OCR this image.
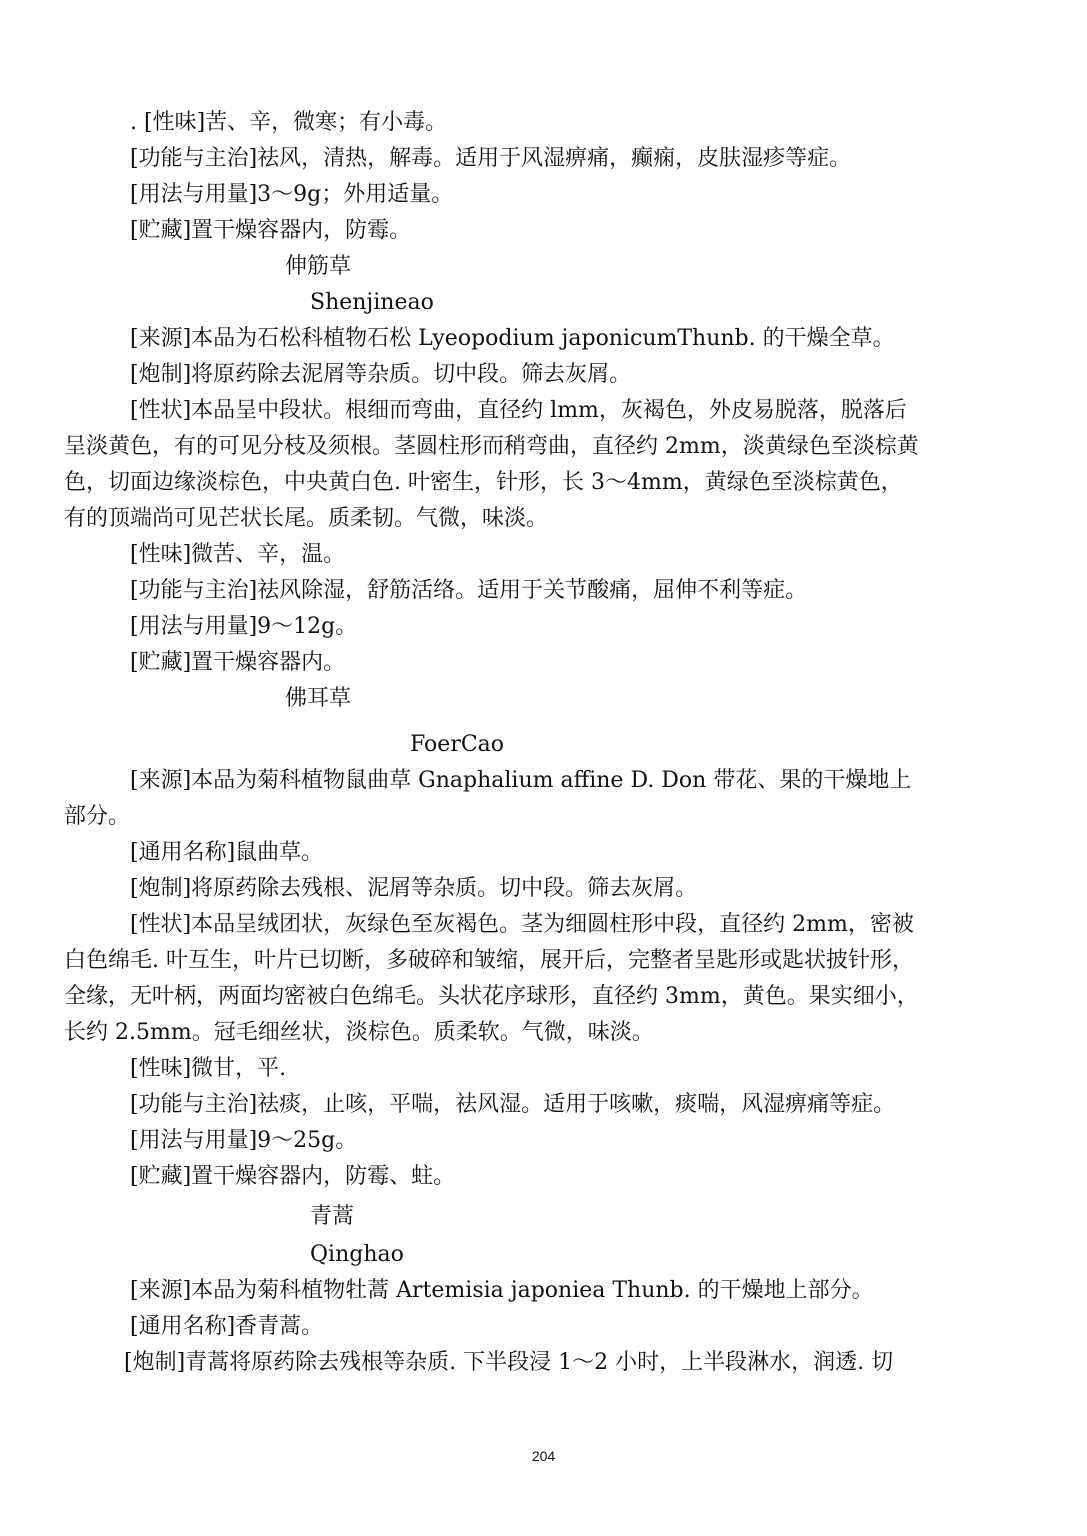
. [性味]苦、辛，微寒；有小毒。
[功能与主治]祛风，清热，解毒。适用于风湿痹痛，癫痫，皮肤湿疹等症。
[用法与用量]3～9g；外用适量。
[贮藏]置干燥容器内，防霉。
伸筋草
Shenjineao
[来源]本品为石松科植物石松 Lyeopodium japonicumThunb. 的干燥全草。
[炮制]将原药除去泥屑等杂质。切中段。筛去灰屑。
[性状]本品呈中段状。根细而弯曲，直径约 lmm，灰褐色，外皮易脱落，脱落后
呈淡黄色，有的可见分枝及须根。茎圆柱形而稍弯曲，直径约 2mm，淡黄绿色至淡棕黄
色，切面边缘淡棕色，中央黄白色. 叶密生，针形，长 3～4mm，黄绿色至淡棕黄色，
有的顶端尚可见芒状长尾。质柔韧。气微，味淡。
[性味]微苦、辛，温。
[功能与主治]祛风除湿，舒筋活络。适用于关节酸痛，屈伸不利等症。
[用法与用量]9～12g。
[贮藏]置干燥容器内。
佛耳草
FoerCao
[来源]本品为菊科植物鼠曲草 Gnaphalium affine D. Don 带花、果的干燥地上
部分。
[通用名称]鼠曲草。
[炮制]将原药除去残根、泥屑等杂质。切中段。筛去灰屑。
[性状]本品呈绒团状，灰绿色至灰褐色。茎为细圆柱形中段，直径约 2mm，密被
白色绵毛. 叶互生，叶片已切断，多破碎和皱缩，展开后，完整者呈匙形或匙状披针形，
全缘，无叶柄，两面均密被白色绵毛。头状花序球形，直径约 3mm，黄色。果实细小，
长约 2.5mm。冠毛细丝状，淡棕色。质柔软。气微，味淡。
[性味]微甘，平.
[功能与主治]祛痰，止咳，平喘，祛风湿。适用于咳嗽，痰喘，风湿痹痛等症。
[用法与用量]9～25g。
[贮藏]置干燥容器内，防霉、蛀。
青蒿
Qinghao
[来源]本品为菊科植物牡蒿 Artemisia japoniea Thunb. 的干燥地上部分。
[通用名称]香青蒿。
[炮制]青蒿将原药除去残根等杂质. 下半段浸 1～2 小时，上半段淋水，润透. 切
204
